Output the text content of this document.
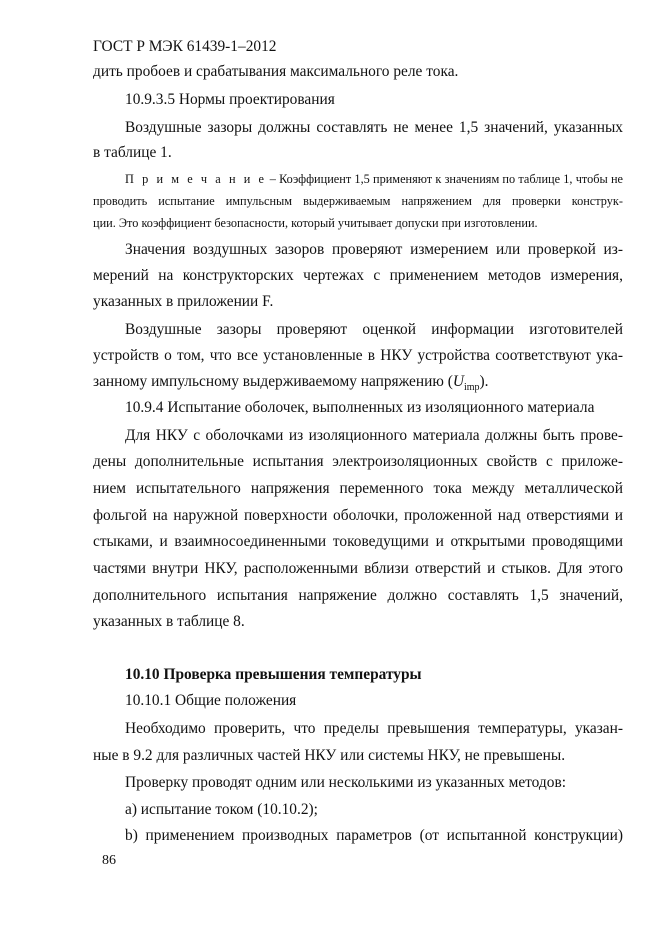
ГОСТ Р МЭК 61439-1–2012
дить пробоев и срабатывания максимального реле тока.
10.9.3.5 Нормы проектирования
Воздушные зазоры должны составлять не менее 1,5 значений, указанных
в таблице 1.
П р и м е ч а н и е – Коэффициент 1,5 применяют к значениям по таблице 1, чтобы не
проводить испытание импульсным выдерживаемым напряжением для проверки конструк-
ции. Это коэффициент безопасности, который учитывает допуски при изготовлении.
Значения воздушных зазоров проверяют измерением или проверкой из-
мерений на конструкторских чертежах с применением методов измерения,
указанных в приложении F.
Воздушные зазоры проверяют оценкой информации изготовителей
устройств о том, что все установленные в НКУ устройства соответствуют ука-
занному импульсному выдерживаемому напряжению $(U_{imp})$.
10.9.4 Испытание оболочек, выполненных из изоляционного материала
Для НКУ с оболочками из изоляционного материала должны быть прове-
дены дополнительные испытания электроизоляционных свойств с приложе-
нием испытательного напряжения переменного тока между металлической
фольгой на наружной поверхности оболочки, проложенной над отверстиями и
стыками, и взаимносоединенными токоведущими и открытыми проводящими
частями внутри НКУ, расположенными вблизи отверстий и стыков. Для этого
дополнительного испытания напряжение должно составлять 1,5 значений,
указанных в таблице 8.
10.10 Проверка превышения температуры
10.10.1 Общие положения
Необходимо проверить, что пределы превышения температуры, указан-
ные в 9.2 для различных частей НКУ или системы НКУ, не превышены.
Проверку проводят одним или несколькими из указанных методов:
а) испытание током (10.10.2);
b) применением производных параметров (от испытанной конструкции)
86
